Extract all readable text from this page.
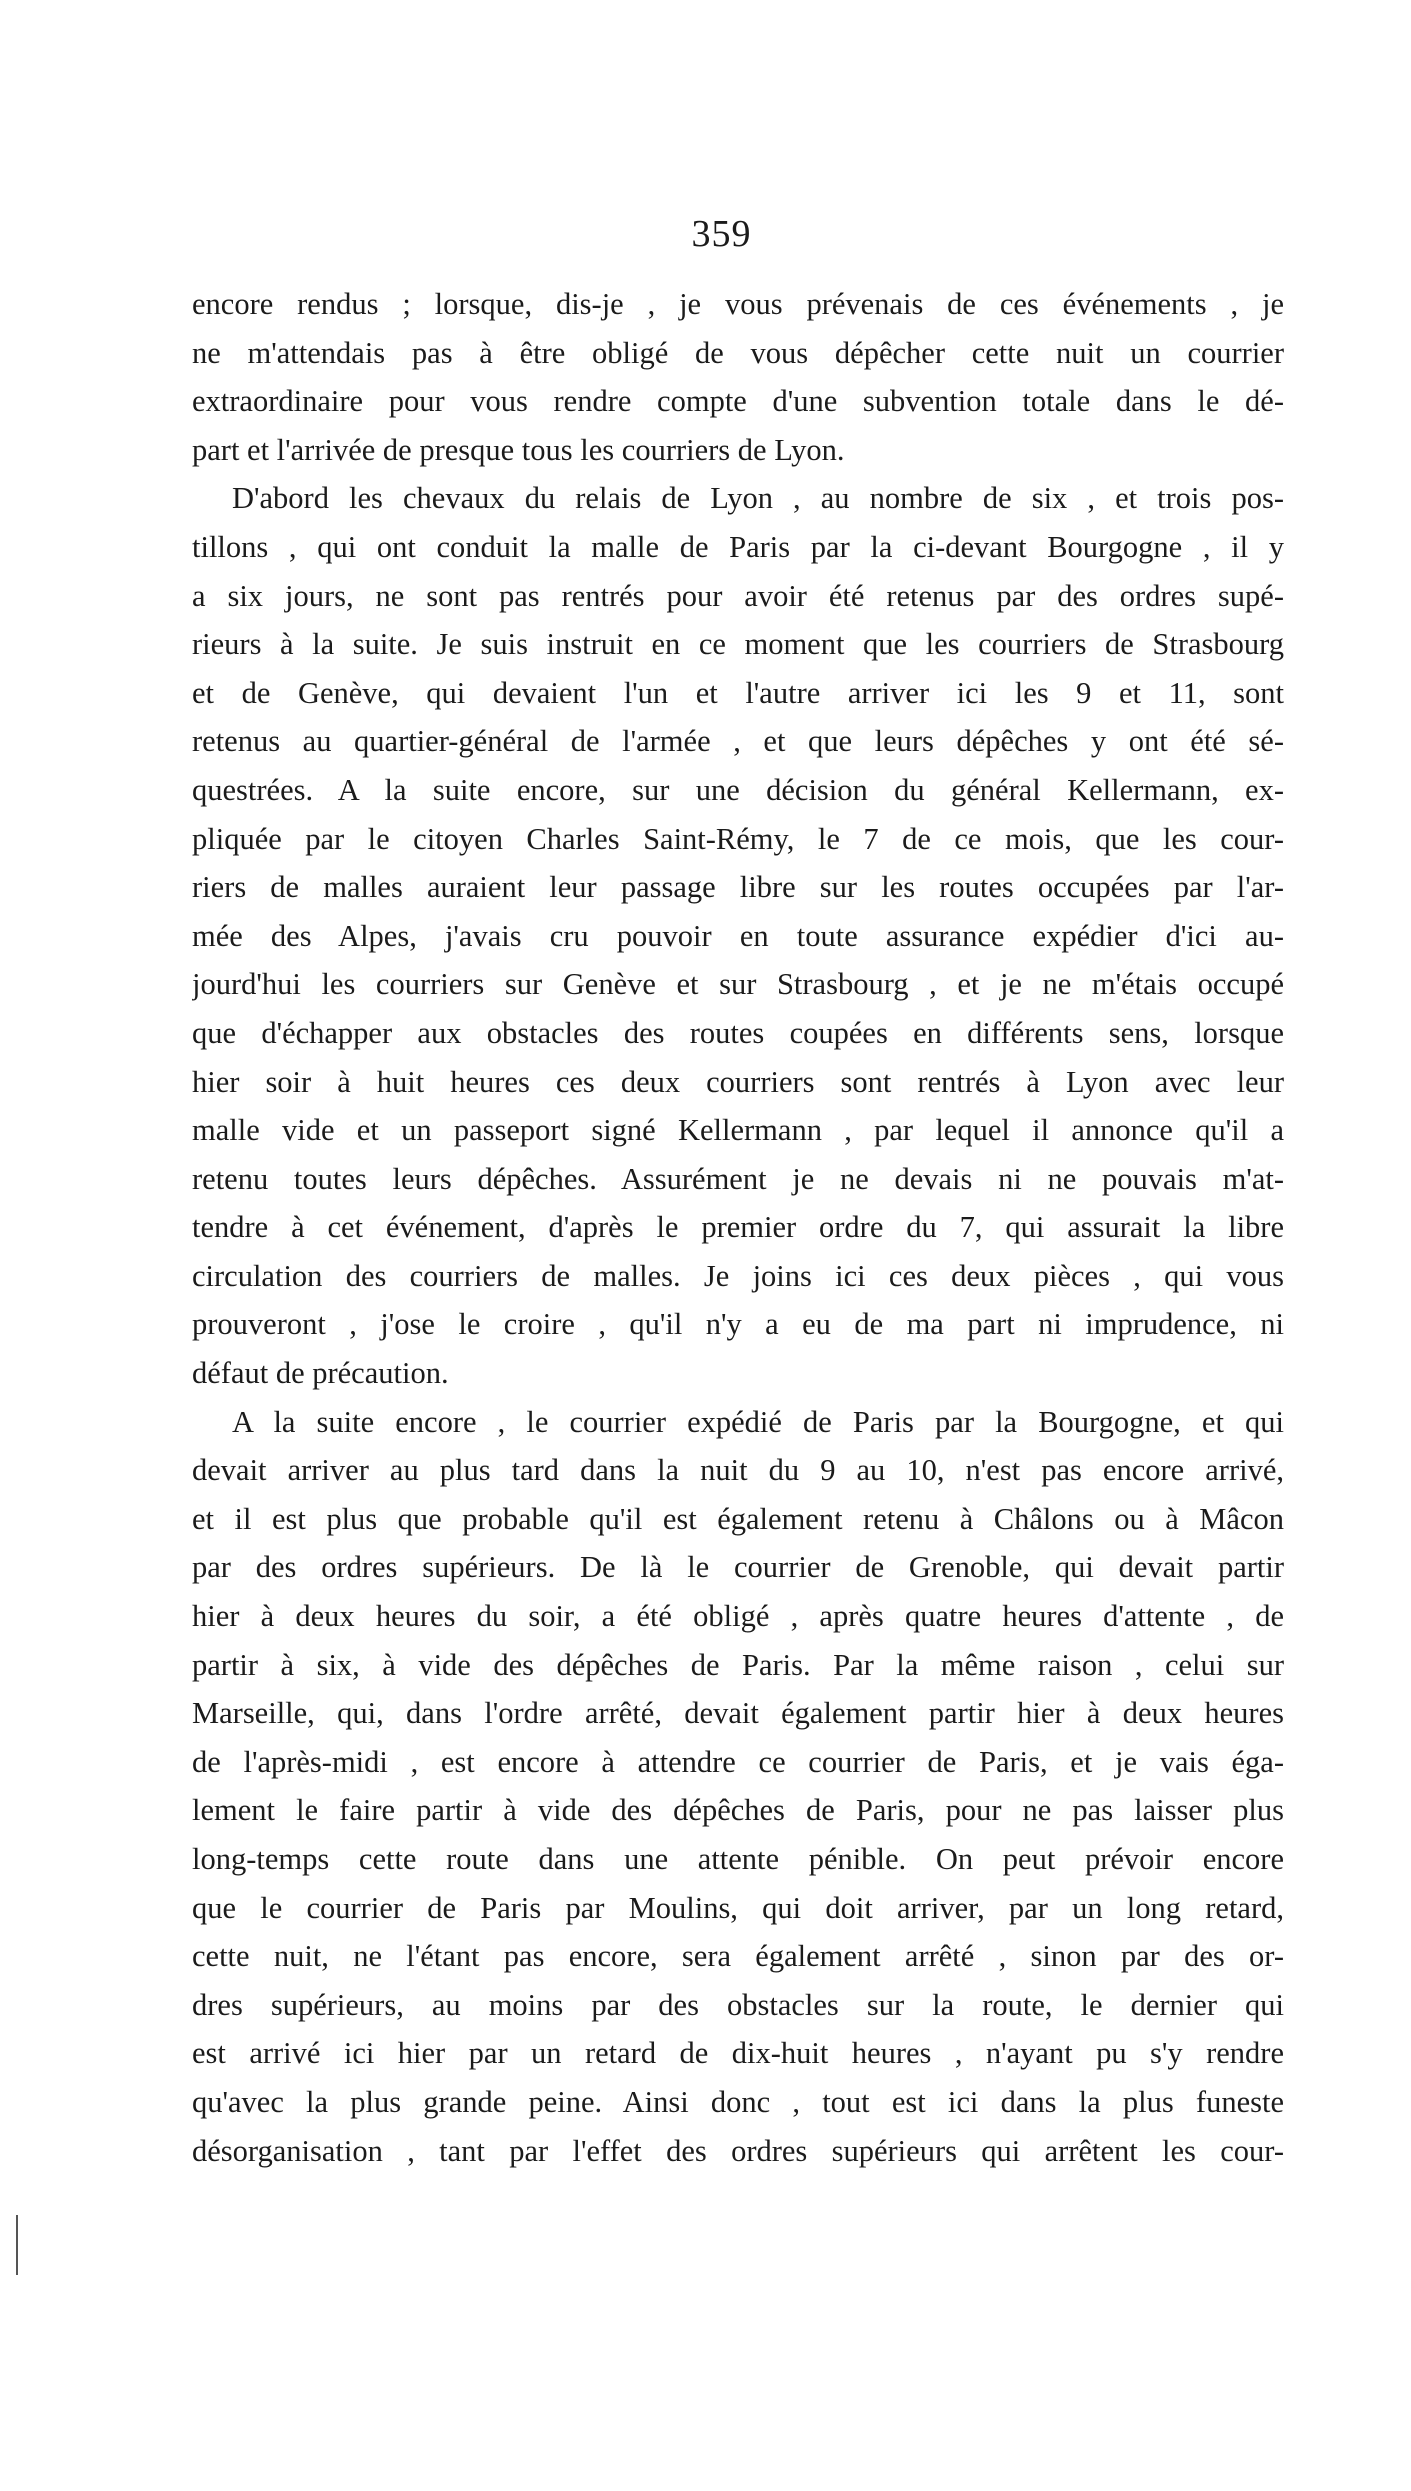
359
encore rendus ; lorsque, dis-je , je vous prévenais de ces événements , je
ne m'attendais pas à être obligé de vous dépêcher cette nuit un courrier
extraordinaire pour vous rendre compte d'une subvention totale dans le dé-
part et l'arrivée de presque tous les courriers de Lyon.
D'abord les chevaux du relais de Lyon , au nombre de six , et trois pos-
tillons , qui ont conduit la malle de Paris par la ci-devant Bourgogne , il y
a six jours, ne sont pas rentrés pour avoir été retenus par des ordres supé-
rieurs à la suite. Je suis instruit en ce moment que les courriers de Strasbourg
et de Genève, qui devaient l'un et l'autre arriver ici les 9 et 11, sont
retenus au quartier-général de l'armée , et que leurs dépêches y ont été sé-
questrées. A la suite encore, sur une décision du général Kellermann, ex-
pliquée par le citoyen Charles Saint-Rémy, le 7 de ce mois, que les cour-
riers de malles auraient leur passage libre sur les routes occupées par l'ar-
mée des Alpes, j'avais cru pouvoir en toute assurance expédier d'ici au-
jourd'hui les courriers sur Genève et sur Strasbourg , et je ne m'étais occupé
que d'échapper aux obstacles des routes coupées en différents sens, lorsque
hier soir à huit heures ces deux courriers sont rentrés à Lyon avec leur
malle vide et un passeport signé Kellermann , par lequel il annonce qu'il a
retenu toutes leurs dépêches. Assurément je ne devais ni ne pouvais m'at-
tendre à cet événement, d'après le premier ordre du 7, qui assurait la libre
circulation des courriers de malles. Je joins ici ces deux pièces , qui vous
prouveront , j'ose le croire , qu'il n'y a eu de ma part ni imprudence, ni
défaut de précaution.
A la suite encore , le courrier expédié de Paris par la Bourgogne, et qui
devait arriver au plus tard dans la nuit du 9 au 10, n'est pas encore arrivé,
et il est plus que probable qu'il est également retenu à Châlons ou à Mâcon
par des ordres supérieurs. De là le courrier de Grenoble, qui devait partir
hier à deux heures du soir, a été obligé , après quatre heures d'attente , de
partir à six, à vide des dépêches de Paris. Par la même raison , celui sur
Marseille, qui, dans l'ordre arrêté, devait également partir hier à deux heures
de l'après-midi , est encore à attendre ce courrier de Paris, et je vais éga-
lement le faire partir à vide des dépêches de Paris, pour ne pas laisser plus
long-temps cette route dans une attente pénible. On peut prévoir encore
que le courrier de Paris par Moulins, qui doit arriver, par un long retard,
cette nuit, ne l'étant pas encore, sera également arrêté , sinon par des or-
dres supérieurs, au moins par des obstacles sur la route, le dernier qui
est arrivé ici hier par un retard de dix-huit heures , n'ayant pu s'y rendre
qu'avec la plus grande peine. Ainsi donc , tout est ici dans la plus funeste
désorganisation , tant par l'effet des ordres supérieurs qui arrêtent les cour-
